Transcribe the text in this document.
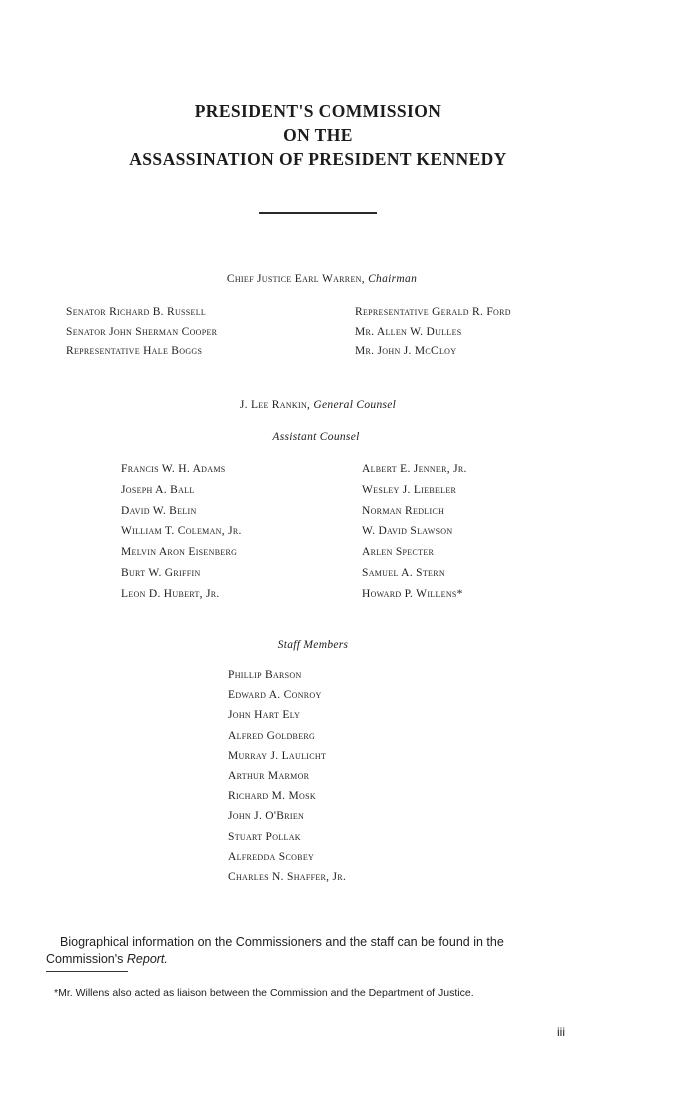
PRESIDENT'S COMMISSION
ON THE
ASSASSINATION OF PRESIDENT KENNEDY
Chief Justice Earl Warren, Chairman
Senator Richard B. Russell
Senator John Sherman Cooper
Representative Hale Boggs
Representative Gerald R. Ford
Mr. Allen W. Dulles
Mr. John J. McCloy
J. Lee Rankin, General Counsel
Assistant Counsel
Francis W. H. Adams
Joseph A. Ball
David W. Belin
William T. Coleman, Jr.
Melvin Aron Eisenberg
Burt W. Griffin
Leon D. Hubert, Jr.
Albert E. Jenner, Jr.
Wesley J. Liebeler
Norman Redlich
W. David Slawson
Arlen Specter
Samuel A. Stern
Howard P. Willens*
Staff Members
Phillip Barson
Edward A. Conroy
John Hart Ely
Alfred Goldberg
Murray J. Laulicht
Arthur Marmor
Richard M. Mosk
John J. O'Brien
Stuart Pollak
Alfredda Scobey
Charles N. Shaffer, Jr.
Biographical information on the Commissioners and the staff can be found in the Commission's Report.
*Mr. Willens also acted as liaison between the Commission and the Department of Justice.
iii
